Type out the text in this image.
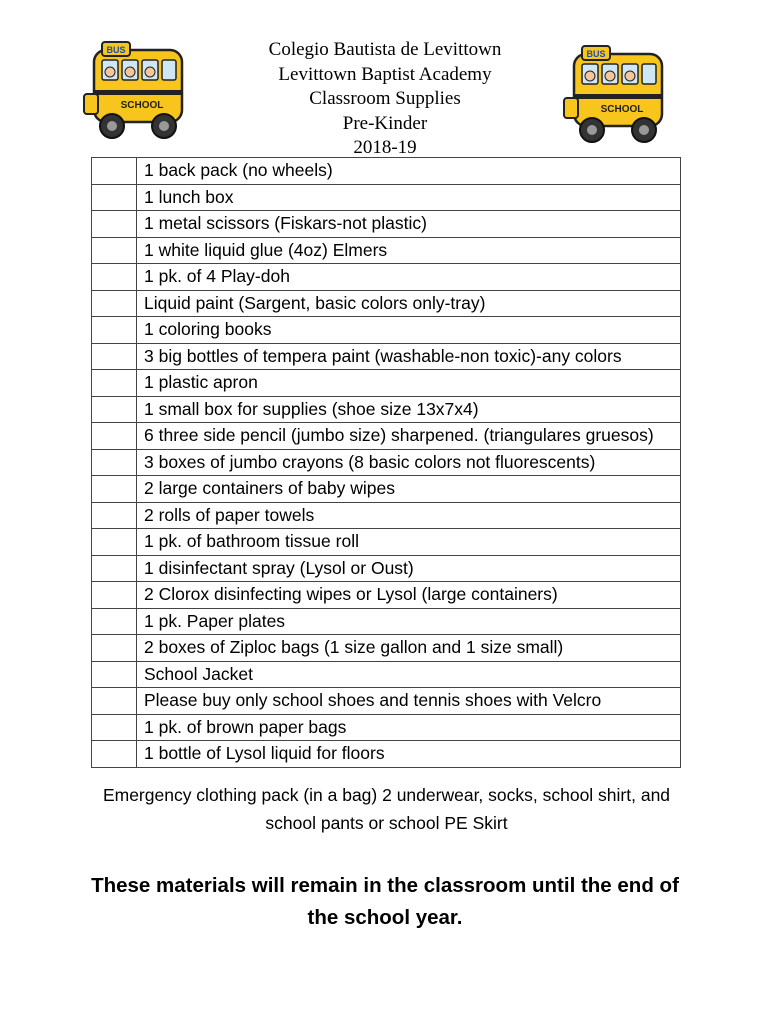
BUS
SCHOOL
BUS
SCHOOL
Colegio Bautista de Levittown
Levittown Baptist Academy
Classroom Supplies
Pre-Kinder
2018-19
	1 back pack (no wheels)
	1 lunch box
	1 metal scissors (Fiskars-not plastic)
	1 white liquid glue (4oz) Elmers
	1 pk. of 4 Play-doh
	Liquid paint (Sargent, basic colors only-tray)
	1 coloring books
	3 big bottles of tempera paint (washable-non toxic)-any colors
	1 plastic apron
	1 small box for supplies (shoe size 13x7x4)
	6 three side pencil (jumbo size) sharpened. (triangulares gruesos)
	3 boxes of jumbo crayons (8 basic colors not fluorescents)
	2 large containers of baby wipes
	2 rolls of paper towels
	1 pk. of bathroom tissue roll
	1 disinfectant spray (Lysol or Oust)
	2 Clorox disinfecting wipes or Lysol (large containers)
	1 pk. Paper plates
	2 boxes of Ziploc bags (1 size gallon and 1 size small)
	School Jacket
	Please buy only school shoes and tennis shoes with Velcro
	1 pk. of brown paper bags
	1 bottle of Lysol liquid for floors
Emergency clothing pack (in a bag) 2 underwear, socks, school shirt, and school pants or school PE Skirt
These materials will remain in the classroom until the end of the school year.
